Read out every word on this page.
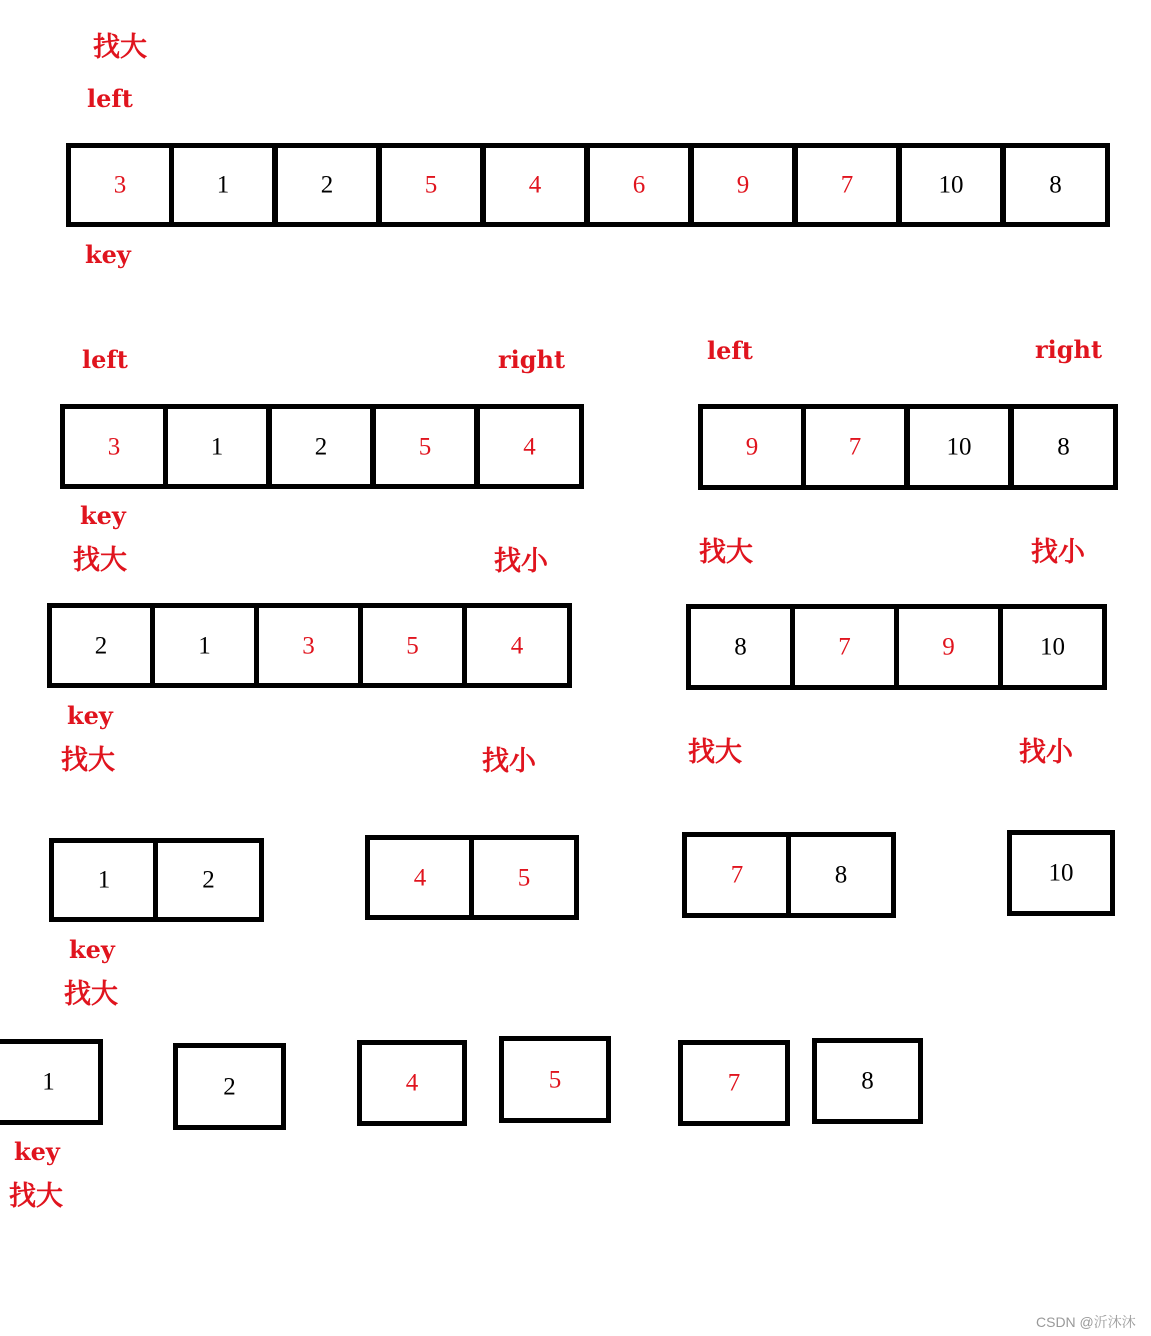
找大
left
3	1	2	5	4	6	9	7	10	8
key
left	right
3	1	2	5	4
key
找大	找小
left	right
9	7	10	8
找大	找小
2	1	3	5	4
key
找大	找小
8	7	9	10
找大	找小
1	2
key
找大
4	5	7	8	10
1
key
找大
2	4	5	7	8
CSDN @沂沐沐
